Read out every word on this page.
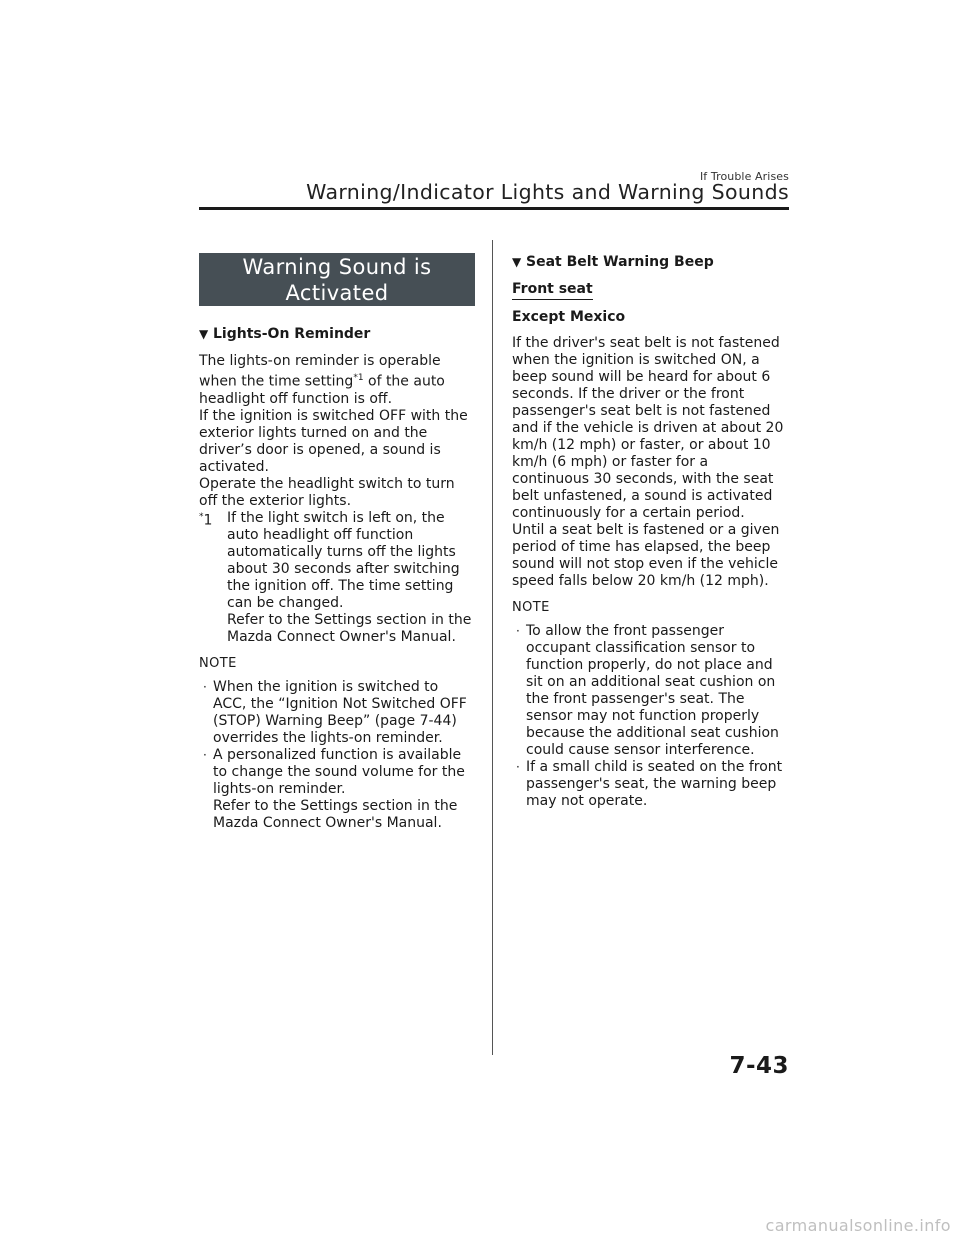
If Trouble Arises
Warning/Indicator Lights and Warning Sounds
Warning Sound is
Activated
▼ Lights-On Reminder

The lights-on reminder is operable when the time setting$^{*1}$ of the auto headlight off function is off.

If the ignition is switched OFF with the exterior lights turned on and the driver’s door is opened, a sound is activated.

Operate the headlight switch to turn off the exterior lights.

*1 If the light switch is left on, the auto headlight off function automatically turns off the lights about 30 seconds after switching the ignition off. The time setting can be changed.
Refer to the Settings section in the Mazda Connect Owner's Manual.
NOTE
· When the ignition is switched to ACC, the “Ignition Not Switched OFF (STOP) Warning Beep” (page 7-44) overrides the lights-on reminder.
· A personalized function is available to change the sound volume for the lights-on reminder.
Refer to the Settings section in the Mazda Connect Owner's Manual.
▼ Seat Belt Warning Beep
Front seat
Except Mexico

If the driver's seat belt is not fastened when the ignition is switched ON, a beep sound will be heard for about 6 seconds. If the driver or the front passenger's seat belt is not fastened and if the vehicle is driven at about 20 km/h (12 mph) or faster, or about 10 km/h (6 mph) or faster for a continuous 30 seconds, with the seat belt unfastened, a sound is activated continuously for a certain period.

Until a seat belt is fastened or a given period of time has elapsed, the beep sound will not stop even if the vehicle speed falls below 20 km/h (12 mph).

NOTE
· To allow the front passenger occupant classification sensor to function properly, do not place and sit on an additional seat cushion on the front passenger's seat. The sensor may not function properly because the additional seat cushion could cause sensor interference.
· If a small child is seated on the front passenger's seat, the warning beep may not operate.
7-43
carmanualsonline.info
